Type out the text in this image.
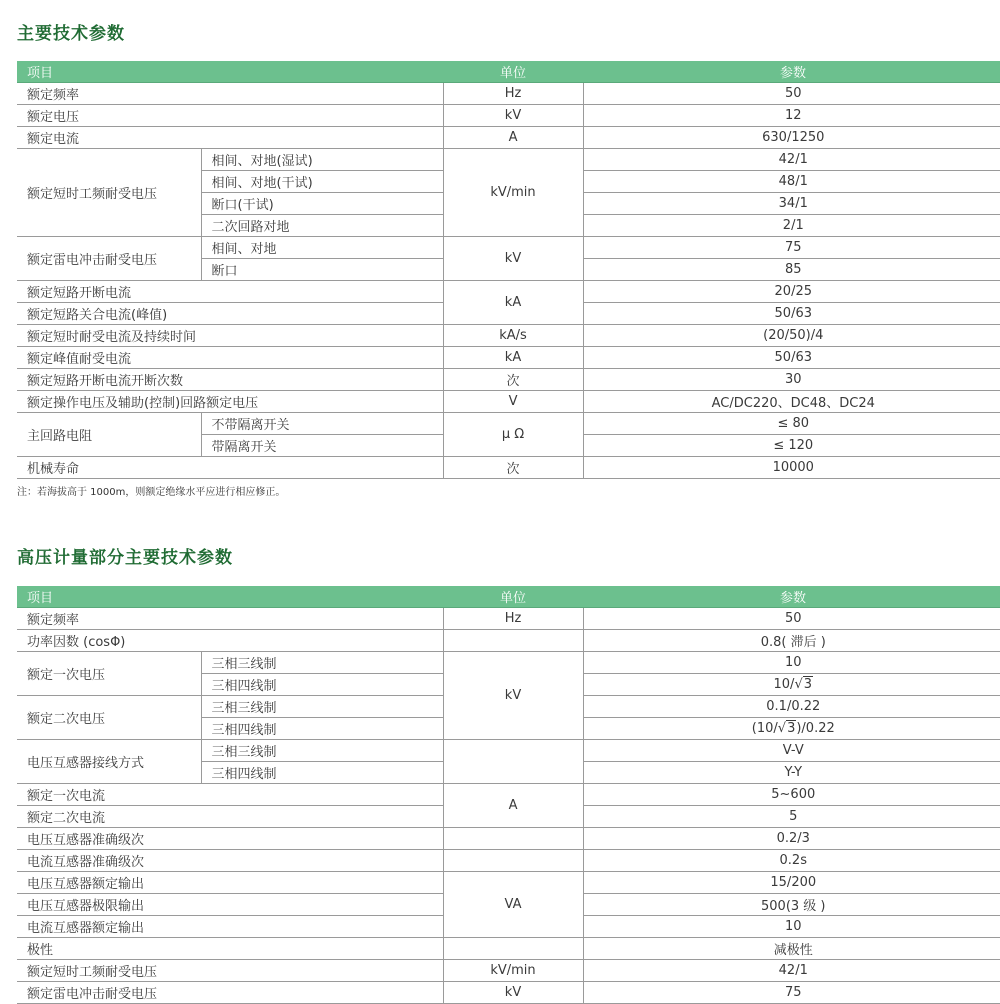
主要技术参数
项目		单位	参数
额定频率		Hz	50
额定电压		kV	12
额定电流		A	630/1250
额定短时工频耐受电压	相间、对地(湿试)	kV/min	42/1
	相间、对地(干试)		48/1
	断口(干试)		34/1
	二次回路对地		2/1
额定雷电冲击耐受电压	相间、对地	kV	75
	断口		85
额定短路开断电流		kA	20/25
额定短路关合电流(峰值)			50/63
额定短时耐受电流及持续时间		kA/s	(20/50)/4
额定峰值耐受电流		kA	50/63
额定短路开断电流开断次数		次	30
额定操作电压及辅助(控制)回路额定电压		V	AC/DC220、DC48、DC24
主回路电阻	不带隔离开关	μ Ω	≤ 80
	带隔离开关		≤ 120
机械寿命		次	10000
注：若海拔高于 1000m，则额定绝缘水平应进行相应修正。
高压计量部分主要技术参数
项目		单位	参数
额定频率		Hz	50
功率因数 (cosΦ)			0.8( 滞后 )
额定一次电压	三相三线制	kV	10
	三相四线制		10/√3
额定二次电压	三相三线制		0.1/0.22
	三相四线制		(10/√3)/0.22
电压互感器接线方式	三相三线制		V-V
	三相四线制		Y-Y
额定一次电流		A	5~600
额定二次电流			5
电压互感器准确级次			0.2/3
电流互感器准确级次			0.2s
电压互感器额定输出		VA	15/200
电压互感器极限输出			500(3 级 )
电流互感器额定输出			10
极性			减极性
额定短时工频耐受电压		kV/min	42/1
额定雷电冲击耐受电压		kV	75
